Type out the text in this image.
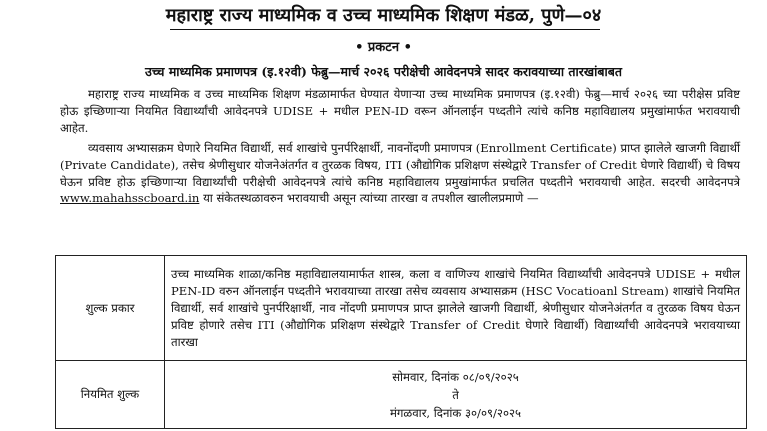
महाराष्ट्र राज्य माध्यमिक व उच्च माध्यमिक शिक्षण मंडळ, पुणे—०४
• प्रकटन •
उच्च माध्यमिक प्रमाणपत्र (इ.१२वी) फेब्रु—मार्च २०२६ परीक्षेची आवेदनपत्रे सादर करावयाच्या तारखांबाबत
महाराष्ट्र राज्य माध्यमिक व उच्च माध्यमिक शिक्षण मंडळामार्फत घेण्यात येणाऱ्या उच्च माध्यमिक प्रमाणपत्र (इ.१२वी) फेब्रु—मार्च २०२६ च्या परीक्षेस प्रविष्ट होऊ इच्छिणाऱ्या नियमित विद्यार्थ्यांची आवेदनपत्रे UDISE + मधील PEN-ID वरून ऑनलाईन पध्दतीने त्यांचे कनिष्ठ महाविद्यालय प्रमुखांमार्फत भरावयाची आहेत.
व्यवसाय अभ्यासक्रम घेणारे नियमित विद्यार्थी, सर्व शाखांचे पुनर्परिक्षार्थी, नावनोंदणी प्रमाणपत्र (Enrollment Certificate) प्राप्त झालेले खाजगी विद्यार्थी (Private Candidate), तसेच श्रेणीसुधार योजनेअंतर्गत व तुरळक विषय, ITI (औद्योगिक प्रशिक्षण संस्थेद्वारे Transfer of Credit घेणारे विद्यार्थी) चे विषय घेऊन प्रविष्ट होऊ इच्छिणाऱ्या विद्यार्थ्यांची परीक्षेची आवेदनपत्रे त्यांचे कनिष्ठ महाविद्यालय प्रमुखांमार्फत प्रचलित पध्दतीने भरावयाची आहेत. सदरची आवेदनपत्रे www.mahahsscboard.in या संकेतस्थळावरुन भरावयाची असून त्यांच्या तारखा व तपशील खालीलप्रमाणे —
शुल्क प्रकार	उच्च माध्यमिक शाळा/कनिष्ठ महाविद्यालयामार्फत शास्त्र, कला व वाणिज्य शाखांचे नियमित विद्यार्थ्यांची आवेदनपत्रे UDISE + मधील PEN-ID वरुन ऑनलाईन पध्दतीने भरावयाच्या तारखा तसेच व्यवसाय अभ्यासक्रम (HSC Vocatioanl Stream) शाखांचे नियमित विद्यार्थी, सर्व शाखांचे पुनर्परिक्षार्थी, नाव नोंदणी प्रमाणपत्र प्राप्त झालेले खाजगी विद्यार्थी, श्रेणीसुधार योजनेअंतर्गत व तुरळक विषय घेऊन प्रविष्ट होणारे तसेच ITI (औद्योगिक प्रशिक्षण संस्थेद्वारे Transfer of Credit घेणारे विद्यार्थी) विद्यार्थ्यांची आवेदनपत्रे भरावयाच्या तारखा
नियमित शुल्क	सोमवार, दिनांक ०८/०९/२०२५
ते
मंगळवार, दिनांक ३०/०९/२०२५
